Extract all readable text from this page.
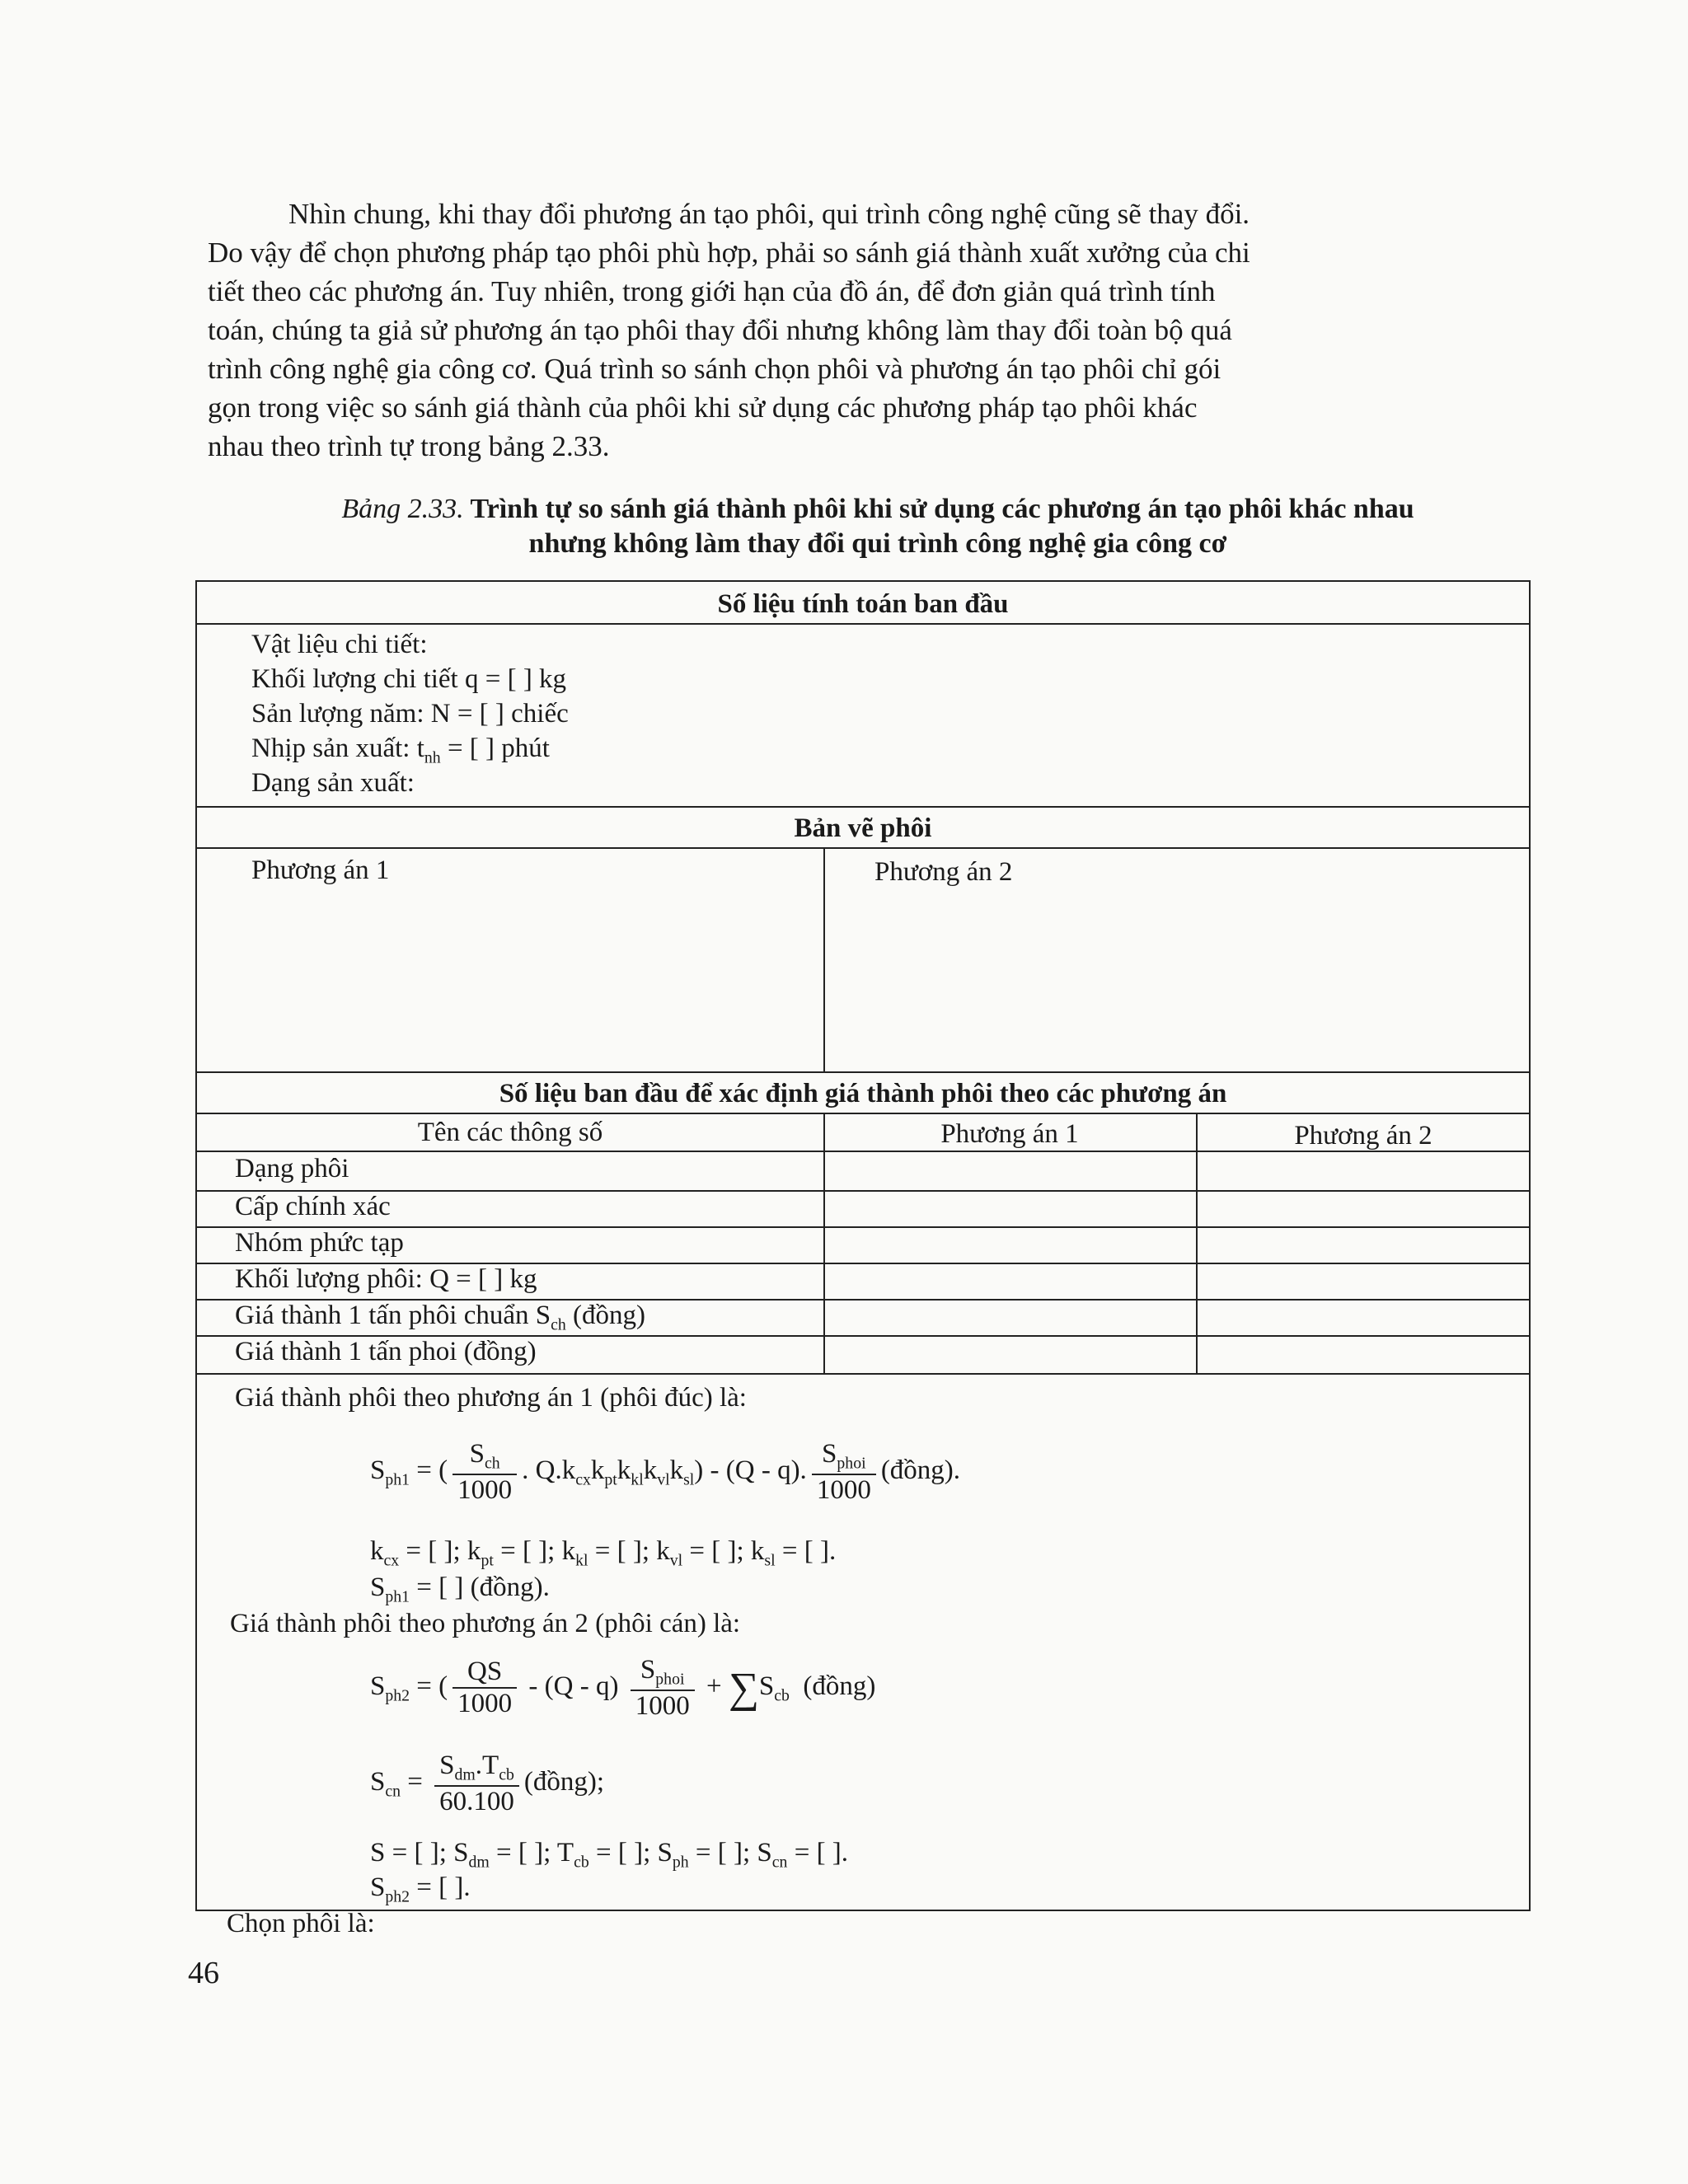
Nhìn chung, khi thay đổi phương án tạo phôi, qui trình công nghệ cũng sẽ thay đổi.
Do vậy để chọn phương pháp tạo phôi phù hợp, phải so sánh giá thành xuất xưởng của chi
tiết theo các phương án. Tuy nhiên, trong giới hạn của đồ án, để đơn giản quá trình tính
toán, chúng ta giả sử phương án tạo phôi thay đổi nhưng không làm thay đổi toàn bộ quá
trình công nghệ gia công cơ. Quá trình so sánh chọn phôi và phương án tạo phôi chỉ gói
gọn trong việc so sánh giá thành của phôi khi sử dụng các phương pháp tạo phôi khác
nhau theo trình tự trong bảng 2.33.

Bảng 2.33. Trình tự so sánh giá thành phôi khi sử dụng các phương án tạo phôi khác nhau
nhưng không làm thay đổi qui trình công nghệ gia công cơ
Số liệu tính toán ban đầu
Vật liệu chi tiết:
Khối lượng chi tiết q = [ ] kg
Sản lượng năm: N = [ ] chiếc
Nhịp sản xuất: $t_{nh}$ = [ ] phút
Dạng sản xuất:
Bản vẽ phôi
Phương án 1	Phương án 2
Số liệu ban đầu để xác định giá thành phôi theo các phương án
Tên các thông số	Phương án 1	Phương án 2
Dạng phôi
Cấp chính xác
Nhóm phức tạp
Khối lượng phôi: Q = [ ] kg
Giá thành 1 tấn phôi chuẩn $S_{ch}$ (đồng)
Giá thành 1 tấn phoi (đồng)
Giá thành phôi theo phương án 1 (phôi đúc) là:
$S_{ph1}$ = ( $\frac{S_{ch}}{1000}$ . $Q.k_{cx}k_{pt}k_{kl}k_{vl}k_{sl}) - (Q - q)$. $\frac{S_{phoi}}{1000}$ (đồng).
$k_{cx}$ = [ ]; $k_{pt}$ = [ ]; $k_{kl}$ = [ ]; $k_{vl}$ = [ ]; $k_{sl}$ = [ ].
$S_{ph1}$ = [ ] (đồng).
Giá thành phôi theo phương án 2 (phôi cán) là:
$S_{ph2}$ = ( $\frac{QS}{1000} - (Q - q) \frac{S_{phoi}}{1000} + \sum S_{cb}$  (đồng)
$S_{cn} = \frac{S_{dm}.T_{cb}}{60.100}$ (đồng);
S = [ ]; $S_{dm}$ = [ ]; $T_{cb}$ = [ ]; $S_{ph}$ = [ ]; $S_{cn}$ = [ ].
$S_{ph2}$ = [ ].
Chọn phôi là:
46
